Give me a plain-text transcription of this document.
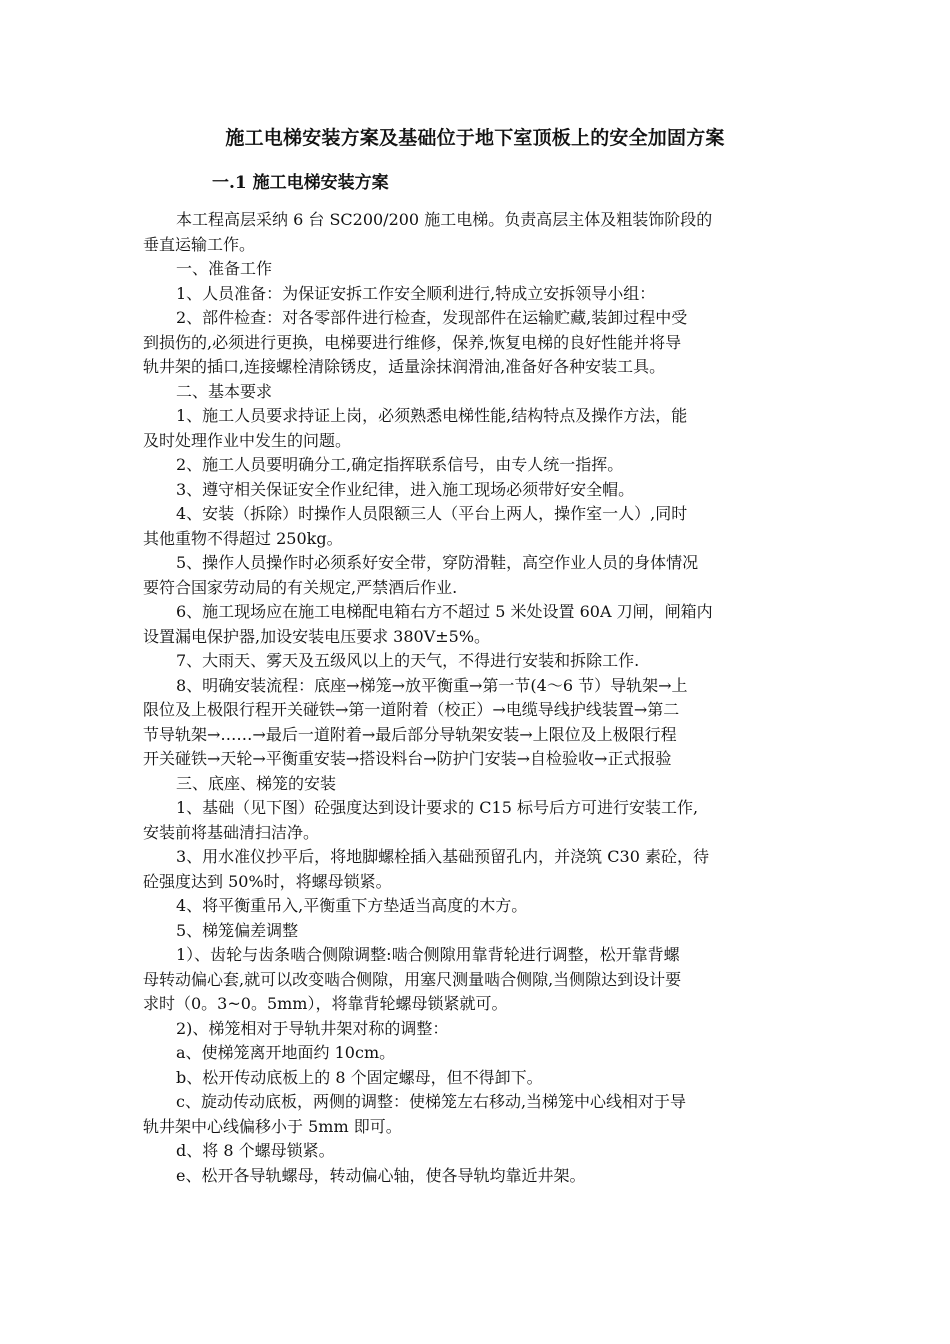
施工电梯安装方案及基础位于地下室顶板上的安全加固方案
一.1 施工电梯安装方案
本工程高层采纳 6 台 SC200/200 施工电梯。负责高层主体及粗装饰阶段的
垂直运输工作。
一、准备工作
1、人员准备：为保证安拆工作安全顺利进行,特成立安拆领导小组：
2、部件检查：对各零部件进行检查，发现部件在运输贮藏,装卸过程中受
到损伤的,必须进行更换，电梯要进行维修，保养,恢复电梯的良好性能并将导
轨井架的插口,连接螺栓清除锈皮，适量涂抹润滑油,准备好各种安装工具。
二、基本要求
1、施工人员要求持证上岗，必须熟悉电梯性能,结构特点及操作方法，能
及时处理作业中发生的问题。
2、施工人员要明确分工,确定指挥联系信号，由专人统一指挥。
3、遵守相关保证安全作业纪律，进入施工现场必须带好安全帽。
4、安装（拆除）时操作人员限额三人（平台上两人，操作室一人）,同时
其他重物不得超过 250kg。
5、操作人员操作时必须系好安全带，穿防滑鞋，高空作业人员的身体情况
要符合国家劳动局的有关规定,严禁酒后作业.
6、施工现场应在施工电梯配电箱右方不超过 5 米处设置 60A 刀闸，闸箱内
设置漏电保护器,加设安装电压要求 380V±5%。
7、大雨天、雾天及五级风以上的天气，不得进行安装和拆除工作.
8、明确安装流程：底座→梯笼→放平衡重→第一节(4～6 节）导轨架→上
限位及上极限行程开关碰铁→第一道附着（校正）→电缆导线护线装置→第二
节导轨架→……→最后一道附着→最后部分导轨架安装→上限位及上极限行程
开关碰铁→天轮→平衡重安装→搭设料台→防护门安装→自检验收→正式报验
三、底座、梯笼的安装
1、基础（见下图）砼强度达到设计要求的 C15 标号后方可进行安装工作,
安装前将基础清扫洁净。
3、用水准仪抄平后，将地脚螺栓插入基础预留孔内，并浇筑 C30 素砼，待
砼强度达到 50%时，将螺母锁紧。
4、将平衡重吊入,平衡重下方垫适当高度的木方。
5、梯笼偏差调整
1）、齿轮与齿条啮合侧隙调整:啮合侧隙用靠背轮进行调整，松开靠背螺
母转动偏心套,就可以改变啮合侧隙，用塞尺测量啮合侧隙,当侧隙达到设计要
求时（0。3~0。5mm），将靠背轮螺母锁紧就可。
2)、梯笼相对于导轨井架对称的调整：
a、使梯笼离开地面约 10cm。
b、松开传动底板上的 8 个固定螺母，但不得卸下。
c、旋动传动底板，两侧的调整：使梯笼左右移动,当梯笼中心线相对于导
轨井架中心线偏移小于 5mm 即可。
d、将 8 个螺母锁紧。
e、松开各导轨螺母，转动偏心轴，使各导轨均靠近井架。
